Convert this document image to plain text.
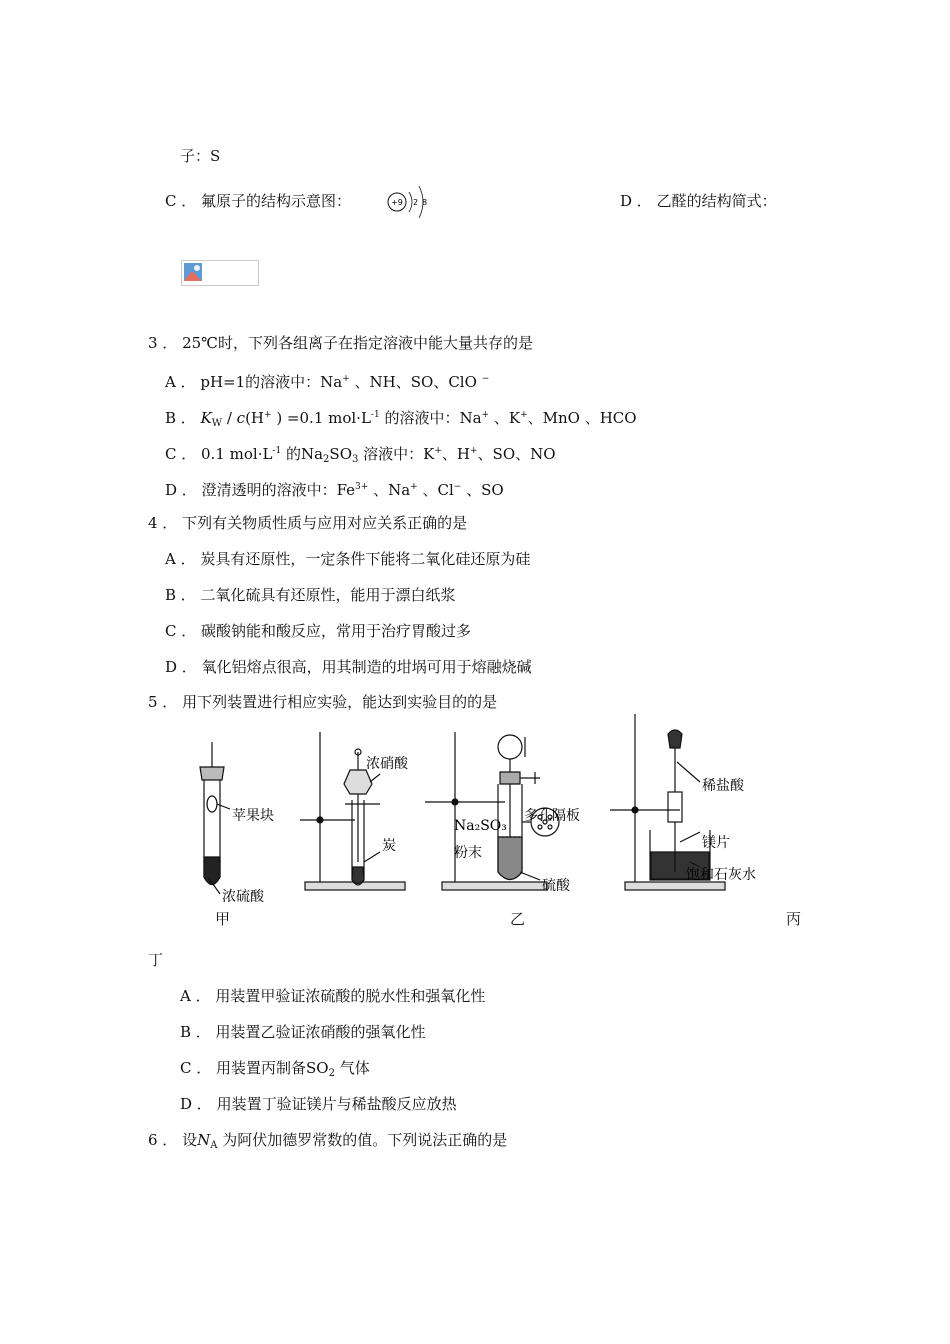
子：S
C ． 氟原子的结构示意图：	+9 2 8	D ． 乙醛的结构简式：
3 ． 25℃时，下列各组离子在指定溶液中能大量共存的是
A ． pH=1的溶液中：Na+ 、NH、SO、ClO −
B ． $K_W / c(H^+$ ) =0.1 $mol\cdot L^{-1}$ 的溶液中：Na+ 、K+、MnO 、HCO
C ． 0.1 $mol\cdot L^{-1}$ 的$Na_2SO_3$ 溶液中：K+、H+、SO、NO
D ． 澄清透明的溶液中：$Fe^{3+}$ 、Na+ 、Cl− 、SO
4 ． 下列有关物质性质与应用对应关系正确的是
A ． 炭具有还原性，一定条件下能将二氧化硅还原为硅
B ． 二氧化硫具有还原性，能用于漂白纸浆
C ． 碳酸钠能和酸反应，常用于治疗胃酸过多
D ． 氧化铝熔点很高，用其制造的坩埚可用于熔融烧碱
5 ． 用下列装置进行相应实验，能达到实验目的的是
苹果块
浓硫酸
浓硝酸
炭
Na₂SO₃
粉末
多孔隔板
硫酸
稀盐酸
镁片
饱和石灰水
甲	乙	丙
丁
A ． 用装置甲验证浓硫酸的脱水性和强氧化性
B ． 用装置乙验证浓硝酸的强氧化性
C ． 用装置丙制备$SO_2$ 气体
D ． 用装置丁验证镁片与稀盐酸反应放热
6 ． 设$N_A$ 为阿伏加德罗常数的值。下列说法正确的是
